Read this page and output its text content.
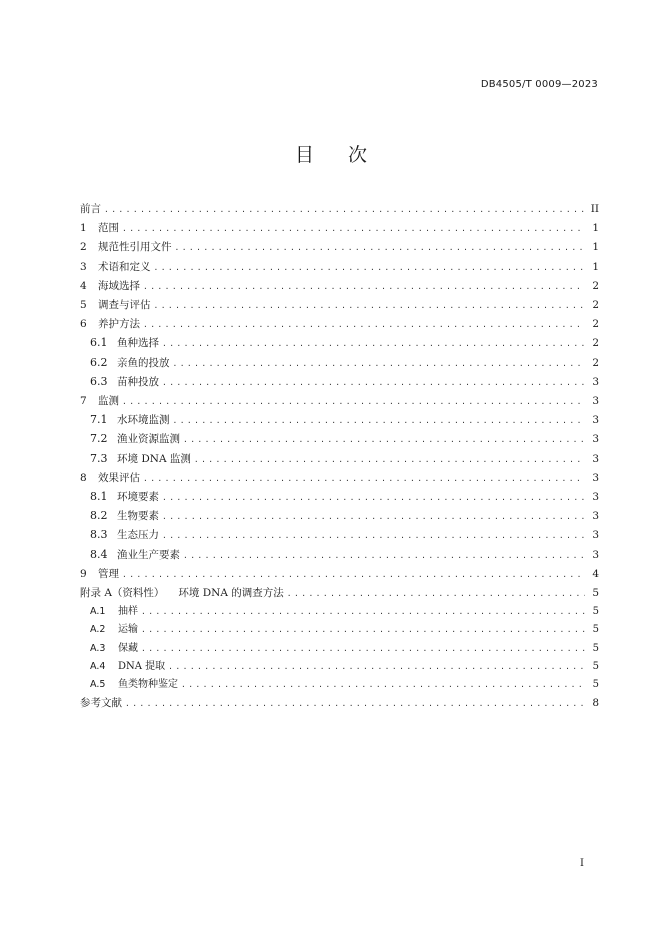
DB4505/T 0009—2023
目次
前言 .....	II
1	范围 .....	1
2	规范性引用文件 .....	1
3	术语和定义 .....	1
4	海域选择 .....	2
5	调查与评估 .....	2
6	养护方法 .....	2
6.1 鱼种选择 .....	2
6.2 亲鱼的投放 .....	2
6.3 苗种投放 .....	3
7	监测 .....	3
7.1 水环境监测 .....	3
7.2 渔业资源监测 .....	3
7.3 环境 DNA 监测 .....	3
8	效果评估 .....	3
8.1 环境要素 .....	3
8.2 生物要素 .....	3
8.3 生态压力 .....	3
8.4 渔业生产要素 .....	3
9	管理 .....	4
附录 A（资料性）	环境 DNA 的调查方法 .....	5
A.1	抽样 .....	5
A.2	运输 .....	5
A.3	保藏 .....	5
A.4	DNA 提取 .....	5
A.5	鱼类物种鉴定 .....	5
参考文献 .....	8
I
